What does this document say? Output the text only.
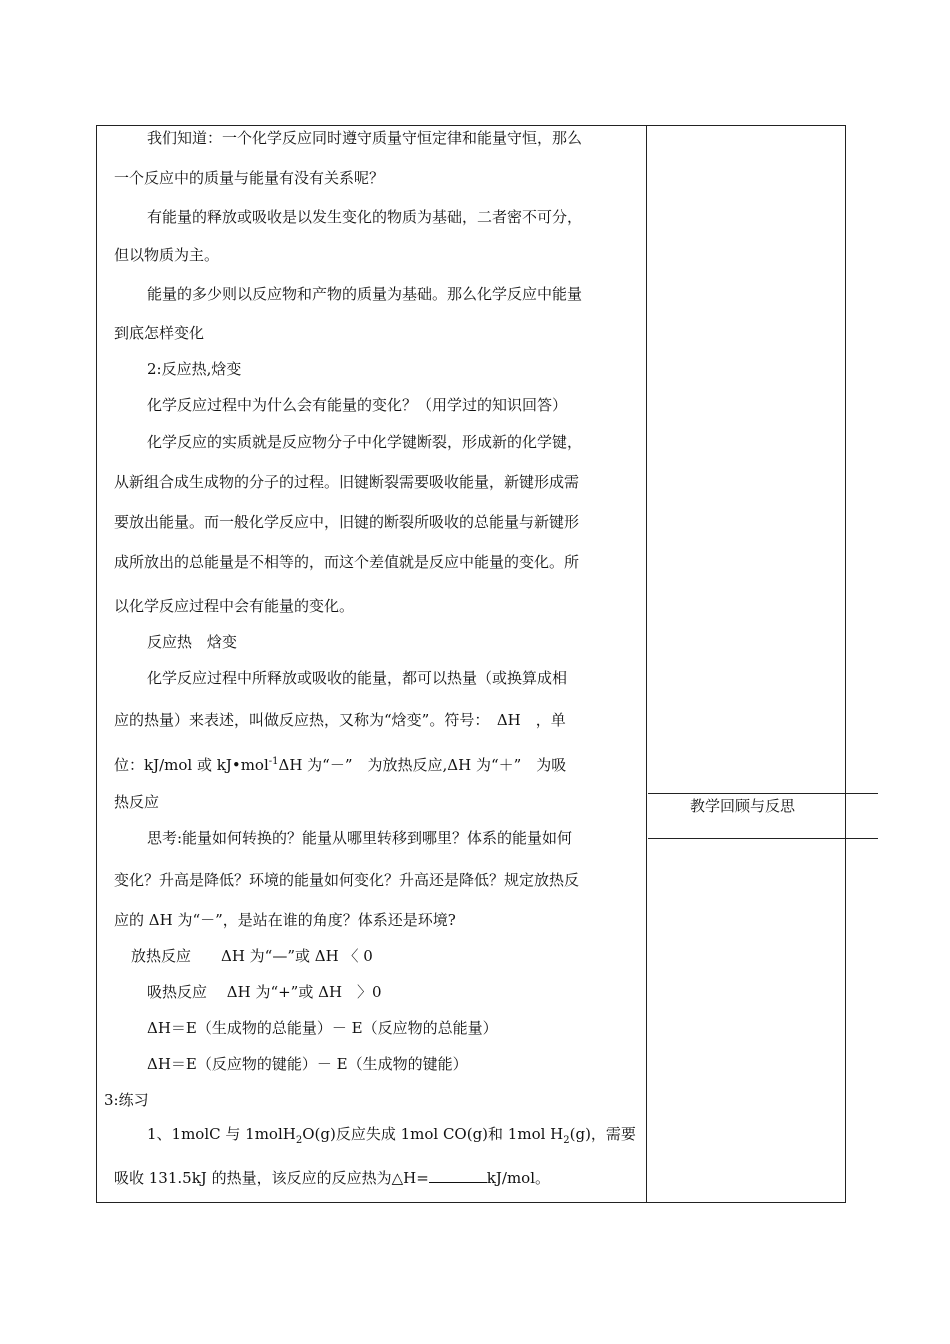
教学回顾与反思
我们知道：一个化学反应同时遵守质量守恒定律和能量守恒，那么
一个反应中的质量与能量有没有关系呢？
有能量的释放或吸收是以发生变化的物质为基础，二者密不可分，
但以物质为主。
能量的多少则以反应物和产物的质量为基础。那么化学反应中能量
到底怎样变化
2:反应热,焓变
化学反应过程中为什么会有能量的变化？（用学过的知识回答）
化学反应的实质就是反应物分子中化学键断裂，形成新的化学键，
从新组合成生成物的分子的过程。旧键断裂需要吸收能量，新键形成需
要放出能量。而一般化学反应中，旧键的断裂所吸收的总能量与新键形
成所放出的总能量是不相等的，而这个差值就是反应中能量的变化。所
以化学反应过程中会有能量的变化。
反应热　焓变
化学反应过程中所释放或吸收的能量，都可以热量（或换算成相
应的热量）来表述，叫做反应热，又称为“焓变”。符号：　ΔH　，单
位：kJ/mol 或 kJ•mol$^{-1}$ΔH 为“－”　为放热反应,ΔH 为“＋”　为吸
热反应
思考:能量如何转换的？能量从哪里转移到哪里？体系的能量如何
变化？升高是降低？环境的能量如何变化？升高还是降低？规定放热反
应的 ΔH 为“－”，是站在谁的角度？体系还是环境?
放热反应　　ΔH 为“—”或 ΔH 〈 0
吸热反应　 ΔH 为“+”或 ΔH　〉0
ΔH＝E（生成物的总能量）－ E（反应物的总能量）
ΔH＝E（反应物的键能）－ E（生成物的键能）
3:练习
1、1molC 与 1molH$_2$O(g)反应失成 1mol CO(g)和 1mol $H_2(g)$，需要
吸收 131.5kJ 的热量，该反应的反应热为△H=	kJ/mol。
